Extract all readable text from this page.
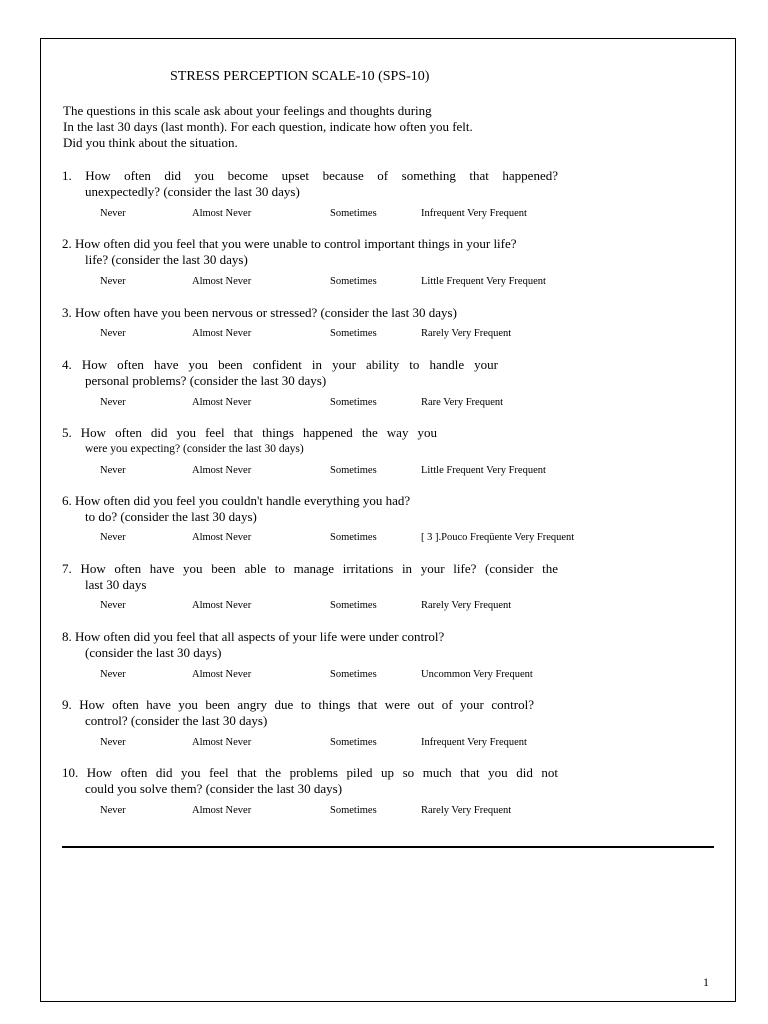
STRESS PERCEPTION SCALE-10 (SPS-10)
The questions in this scale ask about your feelings and thoughts during
In the last 30 days (last month). For each question, indicate how often you felt.
Did you think about the situation.
1. How often did you become upset because of something that happened?
unexpectedly? (consider the last 30 days)
Never	Almost Never	Sometimes	Infrequent Very Frequent
2. How often did you feel that you were unable to control important things in your life?
life? (consider the last 30 days)
Never	Almost Never	Sometimes	Little Frequent Very Frequent
3. How often have you been nervous or stressed? (consider the last 30 days)
Never	Almost Never	Sometimes	Rarely Very Frequent
4. How often have you been confident in your ability to handle your
personal problems? (consider the last 30 days)
Never	Almost Never	Sometimes	Rare Very Frequent
5. How often did you feel that things happened the way you
were you expecting? (consider the last 30 days)
Never	Almost Never	Sometimes	Little Frequent Very Frequent
6. How often did you feel you couldn't handle everything you had?
to do? (consider the last 30 days)
Never	Almost Never	Sometimes	[ 3 ].Pouco Freqüente Very Frequent
7. How often have you been able to manage irritations in your life? (consider the
last 30 days
Never	Almost Never	Sometimes	Rarely Very Frequent
8. How often did you feel that all aspects of your life were under control?
(consider the last 30 days)
Never	Almost Never	Sometimes	Uncommon Very Frequent
9. How often have you been angry due to things that were out of your control?
control? (consider the last 30 days)
Never	Almost Never	Sometimes	Infrequent Very Frequent
10. How often did you feel that the problems piled up so much that you did not
could you solve them? (consider the last 30 days)
Never	Almost Never	Sometimes	Rarely Very Frequent
1
